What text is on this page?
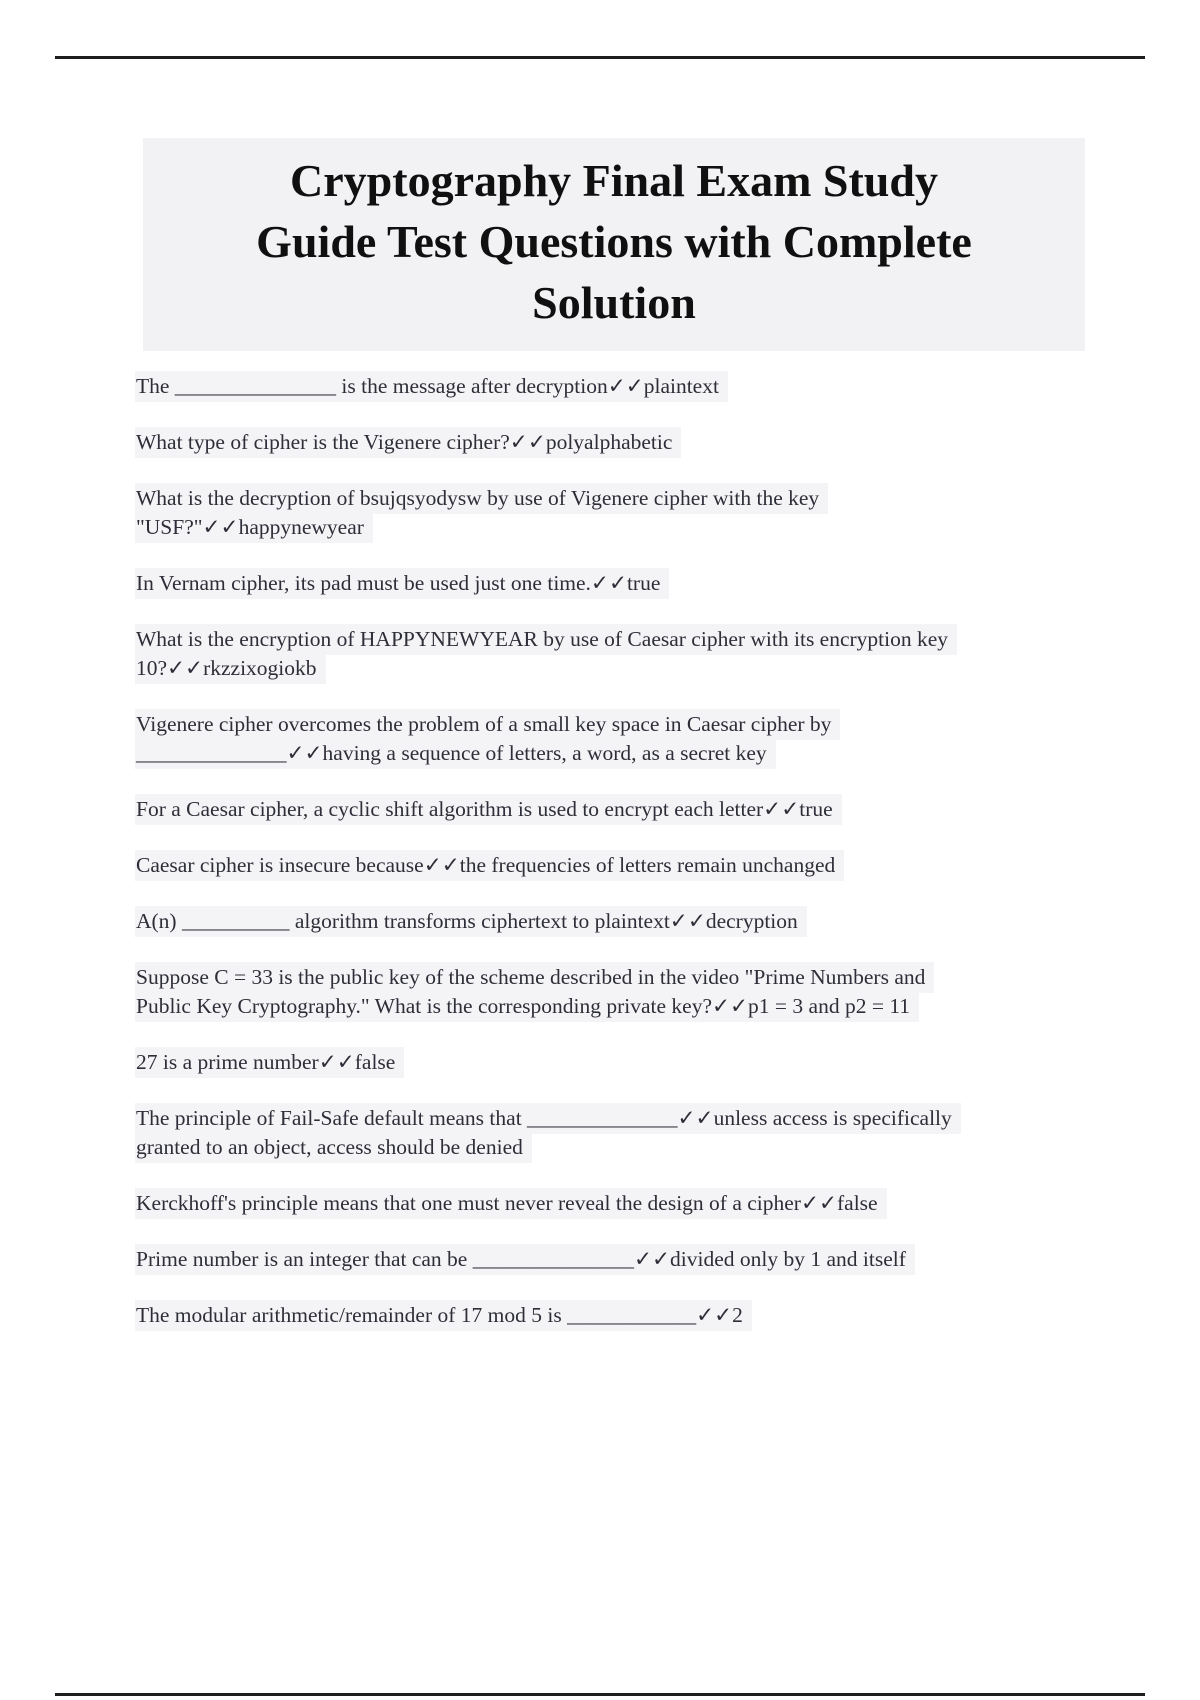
Cryptography Final Exam Study
Guide Test Questions with Complete
Solution
The _______________ is the message after decryption✓✓plaintext
What type of cipher is the Vigenere cipher?✓✓polyalphabetic
What is the decryption of bsujqsyodysw by use of Vigenere cipher with the key
"USF?"✓✓happynewyear
In Vernam cipher, its pad must be used just one time.✓✓true
What is the encryption of HAPPYNEWYEAR by use of Caesar cipher with its encryption key
10?✓✓rkzzixogiokb
Vigenere cipher overcomes the problem of a small key space in Caesar cipher by
______________✓✓having a sequence of letters, a word, as a secret key
For a Caesar cipher, a cyclic shift algorithm is used to encrypt each letter✓✓true
Caesar cipher is insecure because✓✓the frequencies of letters remain unchanged
A(n) __________ algorithm transforms ciphertext to plaintext✓✓decryption
Suppose C = 33 is the public key of the scheme described in the video "Prime Numbers and
Public Key Cryptography." What is the corresponding private key?✓✓p1 = 3 and p2 = 11
27 is a prime number✓✓false
The principle of Fail-Safe default means that ______________✓✓unless access is specifically
granted to an object, access should be denied
Kerckhoff's principle means that one must never reveal the design of a cipher✓✓false
Prime number is an integer that can be _______________✓✓divided only by 1 and itself
The modular arithmetic/remainder of 17 mod 5 is ____________✓✓2
